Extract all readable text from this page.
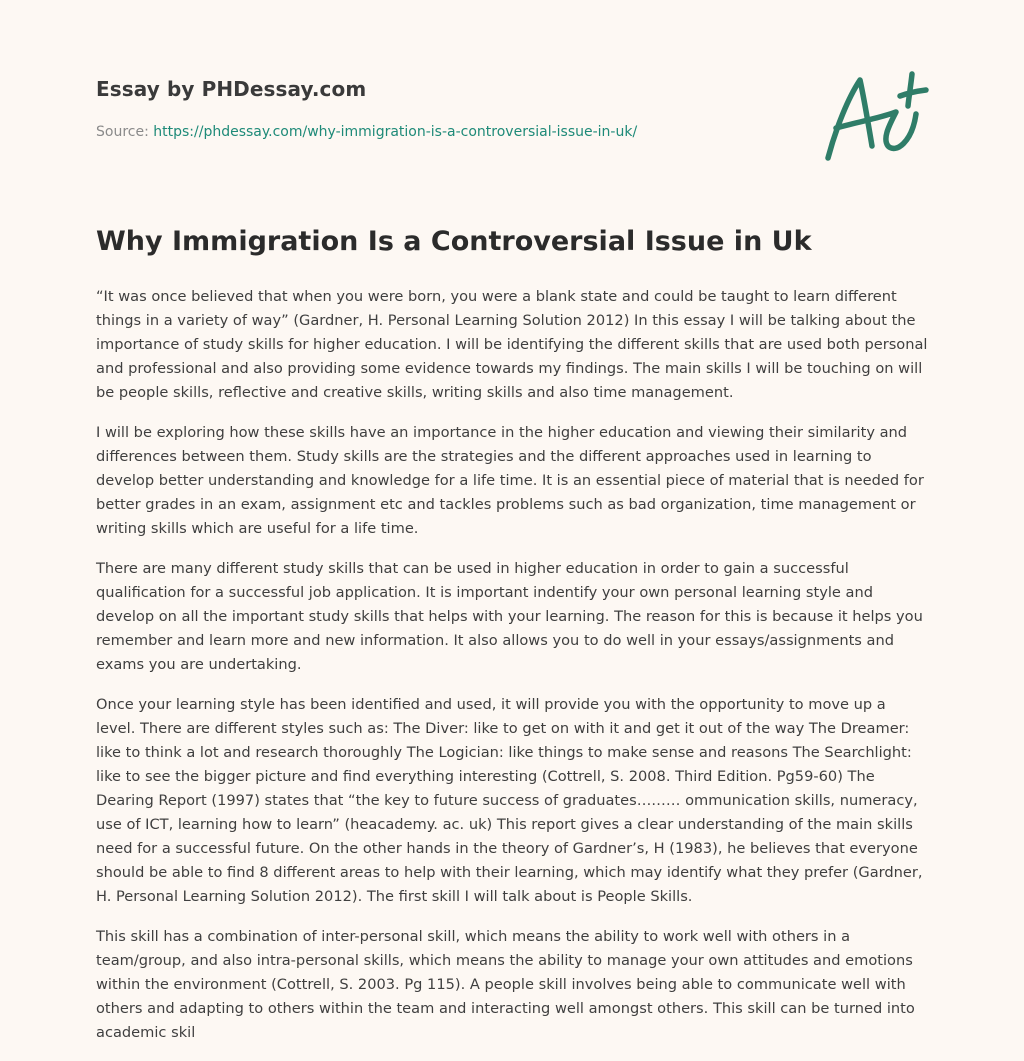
Essay by PHDessay.com
Source: https://phdessay.com/why-immigration-is-a-controversial-issue-in-uk/
Why Immigration Is a Controversial Issue in Uk

“It was once believed that when you were born, you were a blank state and could be taught to learn different things in a variety of way” (Gardner, H. Personal Learning Solution 2012) In this essay I will be talking about the importance of study skills for higher education. I will be identifying the different skills that are used both personal and professional and also providing some evidence towards my findings. The main skills I will be touching on will be people skills, reflective and creative skills, writing skills and also time management.

I will be exploring how these skills have an importance in the higher education and viewing their similarity and differences between them. Study skills are the strategies and the different approaches used in learning to develop better understanding and knowledge for a life time. It is an essential piece of material that is needed for better grades in an exam, assignment etc and tackles problems such as bad organization, time management or writing skills which are useful for a life time.

There are many different study skills that can be used in higher education in order to gain a successful qualification for a successful job application. It is important indentify your own personal learning style and develop on all the important study skills that helps with your learning. The reason for this is because it helps you remember and learn more and new information. It also allows you to do well in your essays/assignments and exams you are undertaking.

Once your learning style has been identified and used, it will provide you with the opportunity to move up a level. There are different styles such as: The Diver: like to get on with it and get it out of the way The Dreamer: like to think a lot and research thoroughly The Logician: like things to make sense and reasons The Searchlight: like to see the bigger picture and find everything interesting (Cottrell, S. 2008. Third Edition. Pg59-60) The Dearing Report (1997) states that “the key to future success of graduates……… ommunication skills, numeracy, use of ICT, learning how to learn” (heacademy. ac. uk) This report gives a clear understanding of the main skills need for a successful future. On the other hands in the theory of Gardner’s, H (1983), he believes that everyone should be able to find 8 different areas to help with their learning, which may identify what they prefer (Gardner, H. Personal Learning Solution 2012). The first skill I will talk about is People Skills.

This skill has a combination of inter-personal skill, which means the ability to work well with others in a team/group, and also intra-personal skills, which means the ability to manage your own attitudes and emotions within the environment (Cottrell, S. 2003. Pg 115). A people skill involves being able to communicate well with others and adapting to others within the team and interacting well amongst others. This skill can be turned into academic skil
